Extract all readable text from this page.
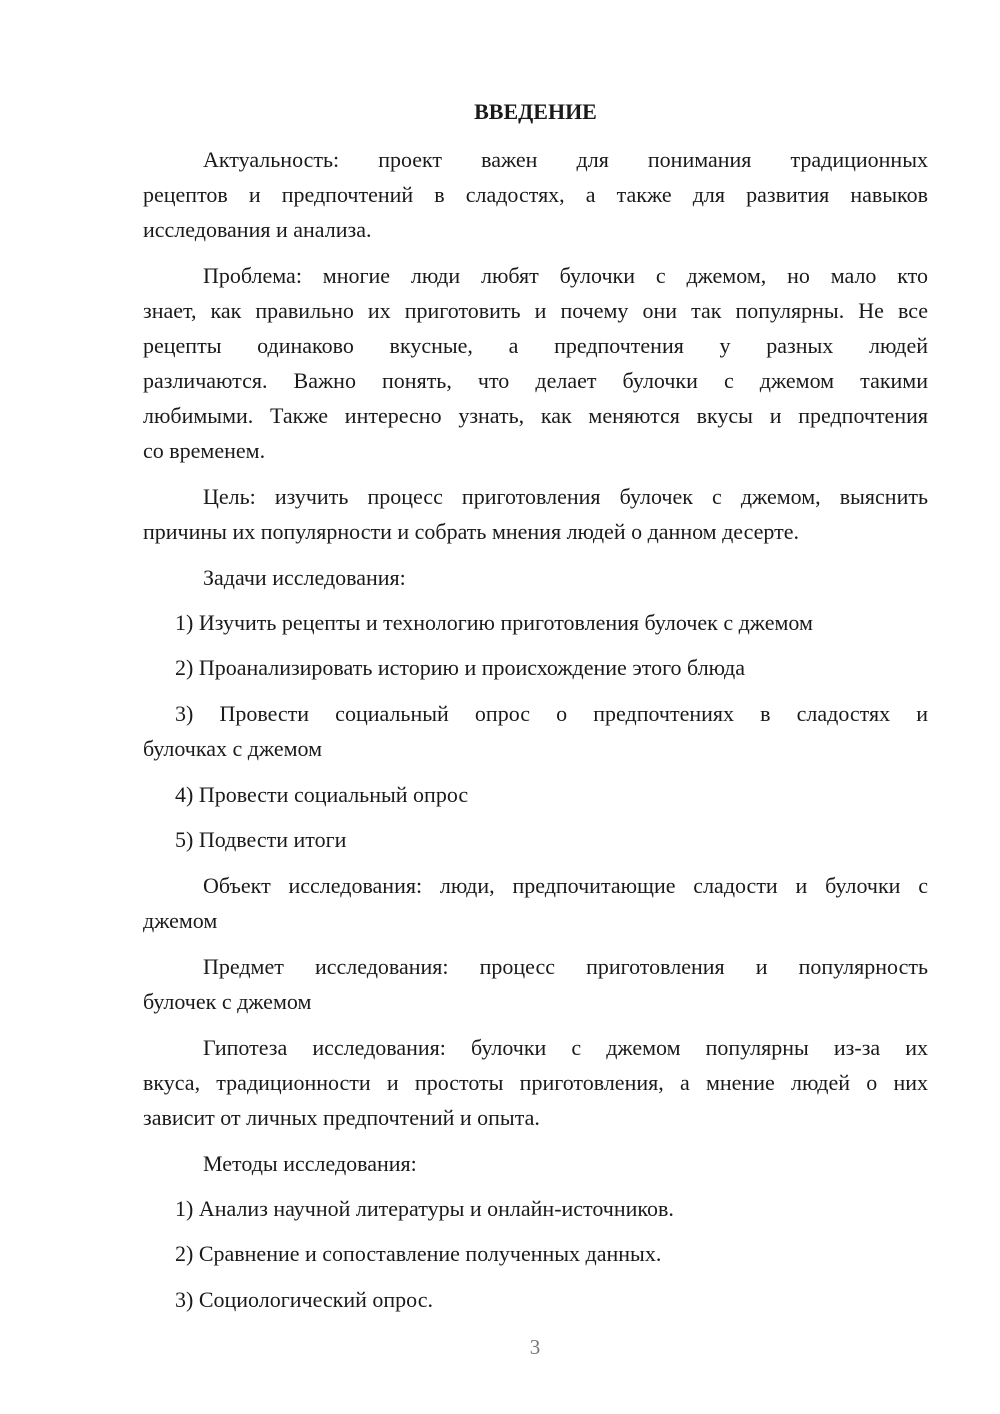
ВВЕДЕНИЕ

Актуальность: проект важен для понимания традиционных

рецептов и предпочтений в сладостях, а также для развития навыков

исследования и анализа.

Проблема: многие люди любят булочки с джемом, но мало кто

знает, как правильно их приготовить и почему они так популярны. Не все

рецепты одинаково вкусные, а предпочтения у разных людей

различаются. Важно понять, что делает булочки с джемом такими

любимыми. Также интересно узнать, как меняются вкусы и предпочтения

со временем.

Цель: изучить процесс приготовления булочек с джемом, выяснить

причины их популярности и собрать мнения людей о данном десерте.

Задачи исследования:

1) Изучить рецепты и технологию приготовления булочек с джемом

2) Проанализировать историю и происхождение этого блюда

3) Провести социальный опрос о предпочтениях в сладостях и

булочках с джемом

4) Провести социальный опрос

5) Подвести итоги

Объект исследования: люди, предпочитающие сладости и булочки с

джемом

Предмет исследования: процесс приготовления и популярность

булочек с джемом

Гипотеза исследования: булочки с джемом популярны из-за их

вкуса, традиционности и простоты приготовления, а мнение людей о них

зависит от личных предпочтений и опыта.

Методы исследования:

1) Анализ научной литературы и онлайн-источников.

2) Сравнение и сопоставление полученных данных.

3) Социологический опрос.

3
